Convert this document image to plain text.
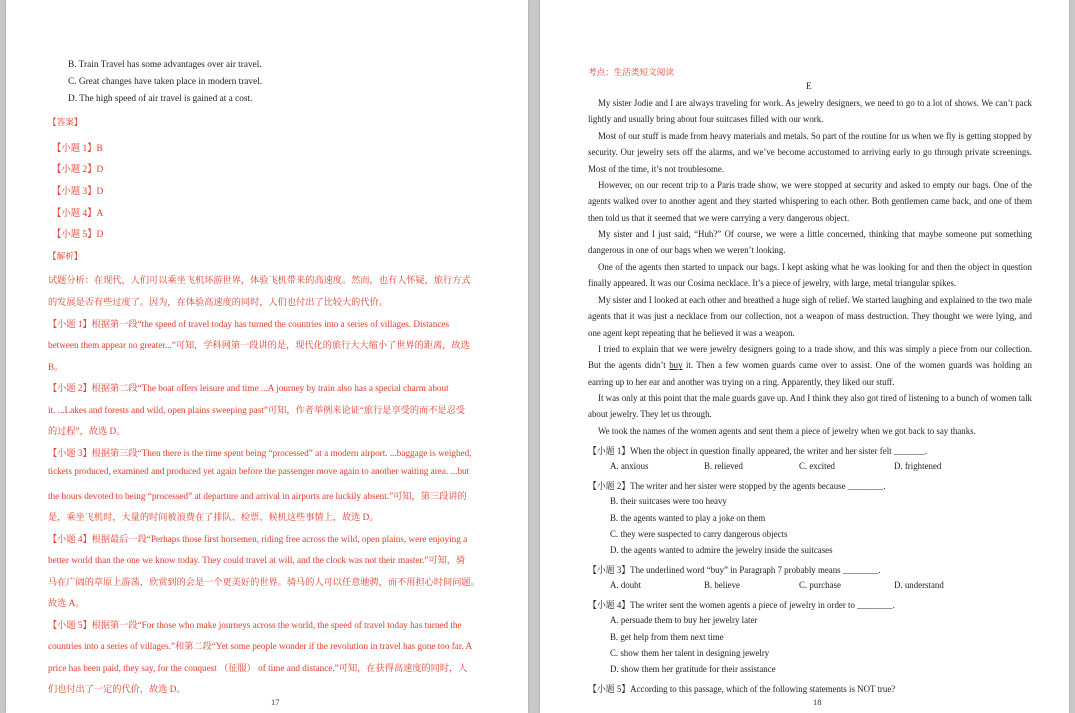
B. Train Travel has some advantages over air travel.
C. Great changes have taken place in modern travel.
D. The high speed of air travel is gained at a cost.
【答案】
【小题 1】B
【小题 2】D
【小题 3】D
【小题 4】A
【小题 5】D
【解析】
试题分析：在现代，人们可以乘坐飞机环游世界，体验飞机带来的高速度。然而，也有人怀疑，旅行方式
的发展是否有些过度了。因为，在体验高速度的同时，人们也付出了比较大的代价。
【小题 1】根据第一段“the speed of travel today has turned the countries into a series of villages. Distances
between them appear no greater...”可知，学科网第一段讲的是，现代化的旅行大大缩小了世界的距离，故选
B。
【小题 2】根据第二段“The boat offers leisure and time ...A journey by train also has a special charm about
it. ...Lakes and forests and wild, open plains sweeping past”可知，作者举例来论证“旅行是享受的而不是忍受
的过程”，故选 D。
【小题 3】根据第三段“Then there is the time spent being “processed” at a modern airport. ...baggage is weighed,
tickets produced, examined and produced yet again before the passenger move again to another waiting area. ...but
the hours devoted to being “processed” at departure and arrival in airports are luckily absent.”可知，第三段讲的
是，乘坐飞机时，大量的时间被浪费在了排队、检票、候机这些事情上，故选 D。
【小题 4】根据最后一段“Perhaps those first horsemen, riding free across the wild, open plains, were enjoying a
better world than the one we know today. They could travel at will, and the clock was not their master.”可知，骑
马在广阔的草原上游荡，欣赏到的会是一个更美好的世界。骑马的人可以任意驰骋，而不用担心时间问题。
故选 A。
【小题 5】根据第一段“For those who make journeys across the world, the speed of travel today has turned the
countries into a series of villages.”和第二段“Yet some people wonder if the revolution in travel has gone too far. A
price has been paid, they say, for the conquest （征服） of time and distance.”可知，在获得高速度的同时，人
们也付出了一定的代价，故选 D。
17
考点：生活类短文阅读
E
My sister Jodie and I are always traveling for work. As jewelry designers, we need to go to a lot of shows. We can’t pack lightly and usually bring about four suitcases filled with our work.
Most of our stuff is made from heavy materials and metals. So part of the routine for us when we fly is getting stopped by security. Our jewelry sets off the alarms, and we’ve become accustomed to arriving early to go through private screenings. Most of the time, it’s not troublesome.
However, on our recent trip to a Paris trade show, we were stopped at security and asked to empty our bags. One of the agents walked over to another agent and they started whispering to each other. Both gentlemen came back, and one of them then told us that it seemed that we were carrying a very dangerous object.
My sister and I just said, “Huh?” Of course, we were a little concerned, thinking that maybe someone put something dangerous in one of our bags when we weren’t looking.
One of the agents then started to unpack our bags. I kept asking what he was looking for and then the object in question finally appeared. It was our Cosima necklace. It’s a piece of jewelry, with large, metal triangular spikes.
My sister and I looked at each other and breathed a huge sigh of relief. We started laughing and explained to the two male agents that it was just a necklace from our collection, not a weapon of mass destruction. They thought we were lying, and one agent kept repeating that he believed it was a weapon.
I tried to explain that we were jewelry designers going to a trade show, and this was simply a piece from our collection. But the agents didn’t buy it. Then a few women guards came over to assist. One of the women guards was holding an earring up to her ear and another was trying on a ring. Apparently, they liked our stuff.
It was only at this point that the male guards gave up. And I think they also got tired of listening to a bunch of women talk about jewelry. They let us through.
We took the names of the women agents and sent them a piece of jewelry when we got back to say thanks.
【小题 1】When the object in question finally appeared, the writer and her sister felt _______.
A. anxious	B. relieved	C. excited	D. frightened
【小题 2】The writer and her sister were stopped by the agents because ________.
B. their suitcases were too heavy
B. the agents wanted to play a joke on them
C. they were suspected to carry dangerous objects
D. the agents wanted to admire the jewelry inside the suitcases
【小题 3】The underlined word “buy” in Paragraph 7 probably means ________.
A. doubt	B. believe	C. purchase	D. understand
【小题 4】The writer sent the women agents a piece of jewelry in order to ________.
A. persuade them to buy her jewelry later
B. get help from them next time
C. show them her talent in designing jewelry
D. show them her gratitude for their assistance
【小题 5】According to this passage, which of the following statements is NOT true?
18
